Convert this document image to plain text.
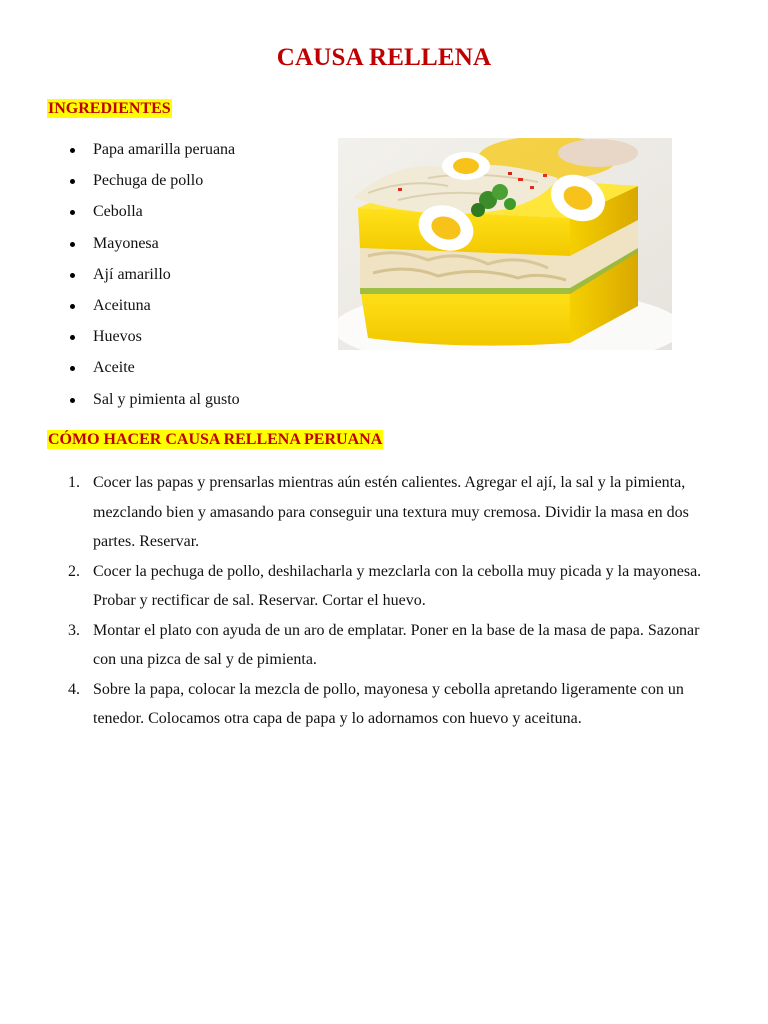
CAUSA RELLENA
INGREDIENTES
Papa amarilla peruana
Pechuga de pollo
Cebolla
Mayonesa
Ají amarillo
Aceituna
Huevos
Aceite
Sal y pimienta al gusto
CÓMO HACER CAUSA RELLENA PERUANA
1. Cocer las papas y prensarlas mientras aún estén calientes. Agregar el ají, la sal y la pimienta, mezclando bien y amasando para conseguir una textura muy cremosa. Dividir la masa en dos partes. Reservar.
2. Cocer la pechuga de pollo, deshilacharla y mezclarla con la cebolla muy picada y la mayonesa. Probar y rectificar de sal. Reservar. Cortar el huevo.
3. Montar el plato con ayuda de un aro de emplatar. Poner en la base de la masa de papa. Sazonar con una pizca de sal y de pimienta.
4. Sobre la papa, colocar la mezcla de pollo, mayonesa y cebolla apretando ligeramente con un tenedor. Colocamos otra capa de papa y lo adornamos con huevo y aceituna.
